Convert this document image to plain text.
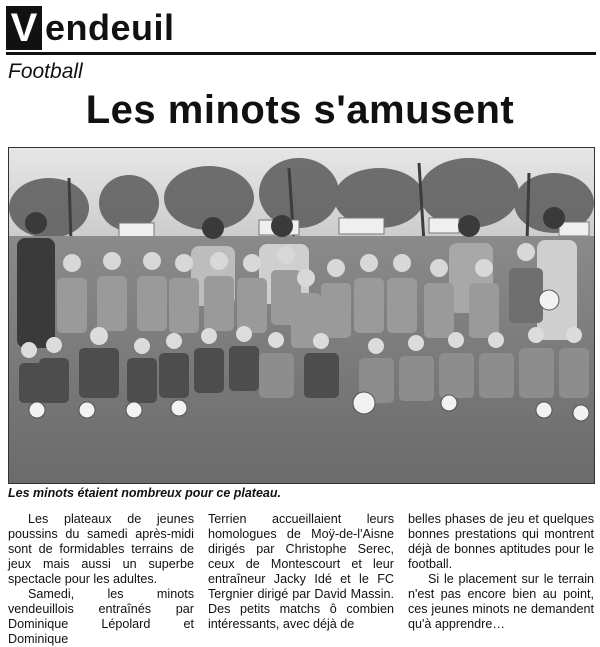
V endeuil
Football
Les minots s'amusent
Les minots étaient nombreux pour ce plateau.

Les plateaux de jeunes poussins du samedi après-midi sont de formidables terrains de jeux mais aussi un superbe spectacle pour les adultes.

Samedi, les minots vendeuillois entraînés par Dominique Lépolard et Dominique

Terrien accueillaient leurs homologues de Moÿ-de-l'Aisne dirigés par Christophe Serec, ceux de Montescourt et leur entraîneur Jacky Idé et le FC Tergnier dirigé par David Massin. Des petits matchs ô combien intéressants, avec déjà de

belles phases de jeu et quelques bonnes prestations qui montrent déjà de bonnes aptitudes pour le football.

Si le placement sur le terrain n'est pas encore bien au point, ces jeunes minots ne demandent qu'à apprendre…
